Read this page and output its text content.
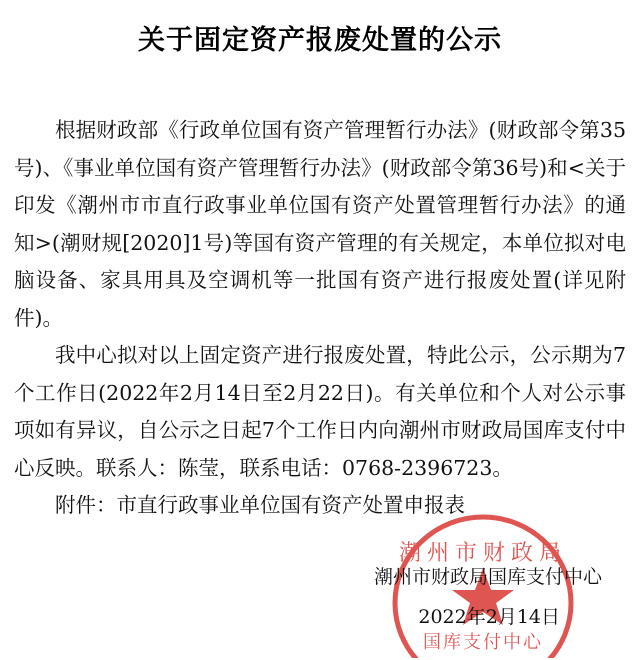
关于固定资产报废处置的公示

根据财政部《行政单位国有资产管理暂行办法》(财政部令第35号)、《事业单位国有资产管理暂行办法》(财政部令第36号)和<关于印发《潮州市市直行政事业单位国有资产处置管理暂行办法》的通知>(潮财规[2020]1号)等国有资产管理的有关规定，本单位拟对电脑设备、家具用具及空调机等一批国有资产进行报废处置(详见附件)。

我中心拟对以上固定资产进行报废处置，特此公示，公示期为7个工作日(2022年2月14日至2月22日)。有关单位和个人对公示事项如有异议，自公示之日起7个工作日内向潮州市财政局国库支付中心反映。联系人：陈莹，联系电话：0768-2396723。

附件：市直行政事业单位国有资产处置申报表

潮州市财政局
国库支付中心
潮州市财政局国库支付中心
2022年2月14日
